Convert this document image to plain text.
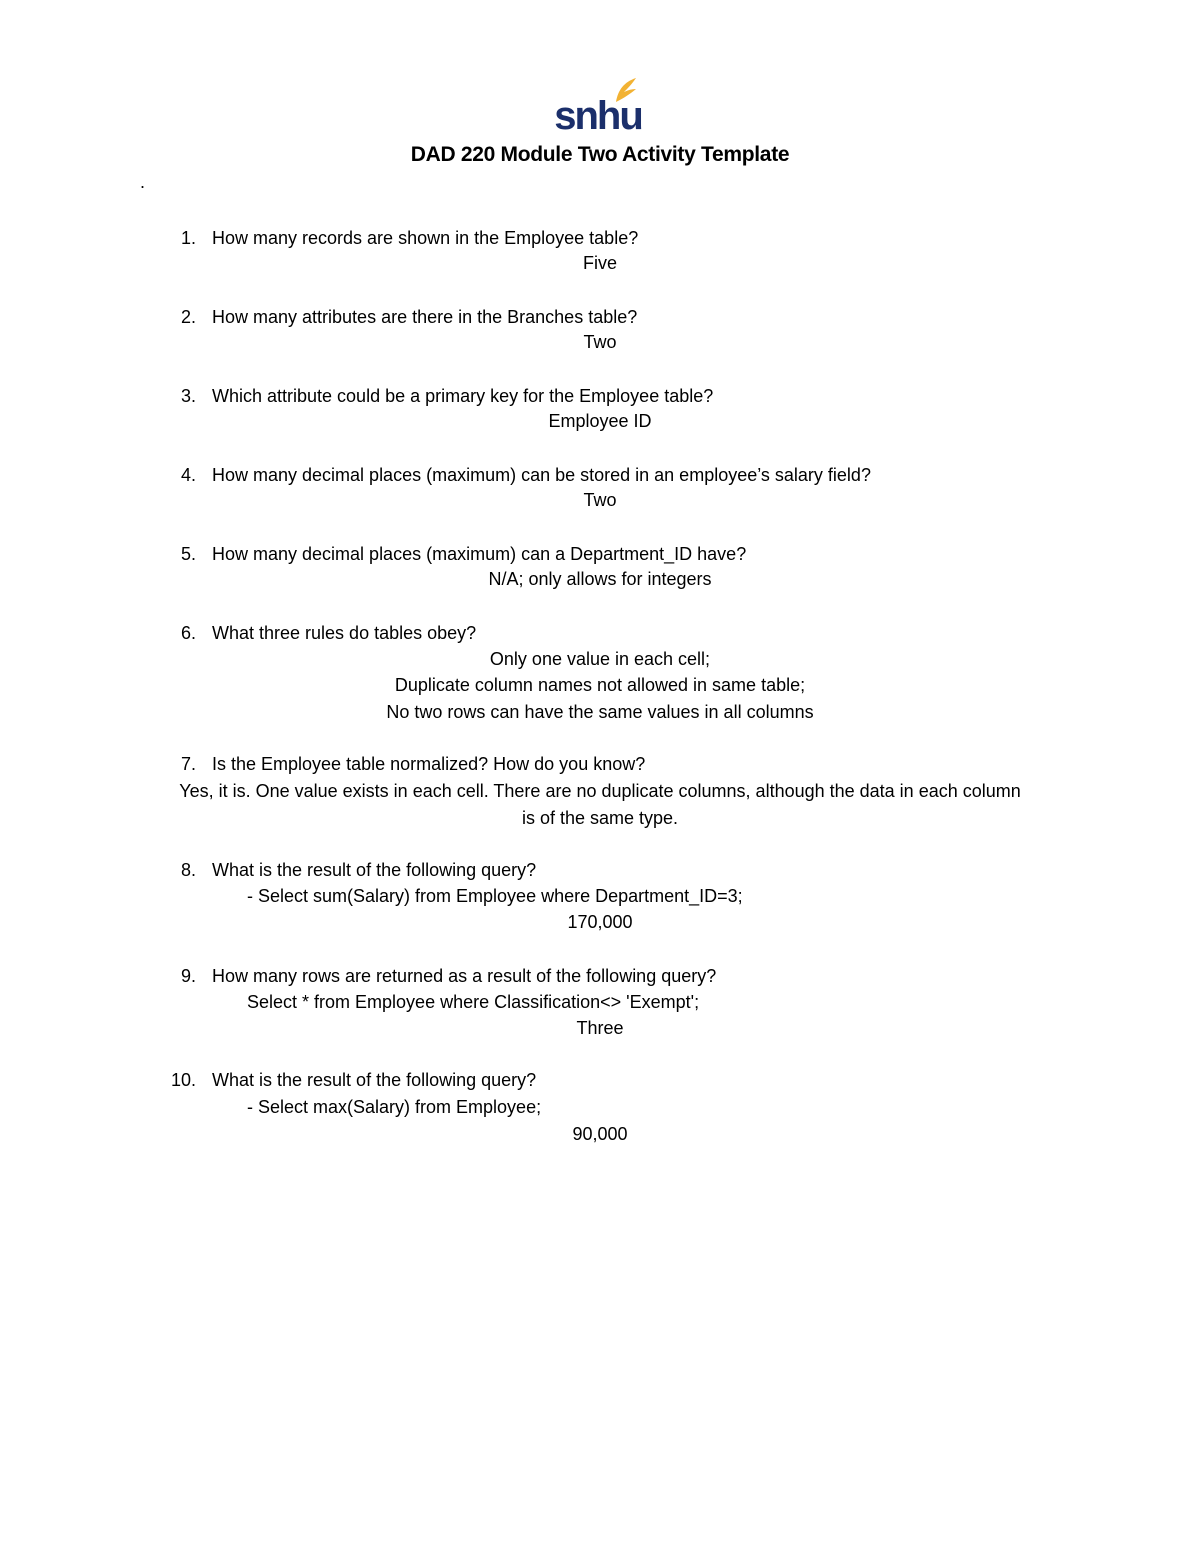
snhu
DAD 220 Module Two Activity Template
.
1. How many records are shown in the Employee table?
Five
2. How many attributes are there in the Branches table?
Two
3. Which attribute could be a primary key for the Employee table?
Employee ID
4. How many decimal places (maximum) can be stored in an employee’s salary field?
Two
5. How many decimal places (maximum) can a Department_ID have?
N/A; only allows for integers
6. What three rules do tables obey?
Only one value in each cell;
Duplicate column names not allowed in same table;
No two rows can have the same values in all columns
7. Is the Employee table normalized? How do you know?
Yes, it is. One value exists in each cell. There are no duplicate columns, although the data in each column
is of the same type.
8. What is the result of the following query?
- Select sum(Salary) from Employee where Department_ID=3;
170,000
9. How many rows are returned as a result of the following query?
Select * from Employee where Classification<> 'Exempt';
Three
10. What is the result of the following query?
- Select max(Salary) from Employee;
90,000
